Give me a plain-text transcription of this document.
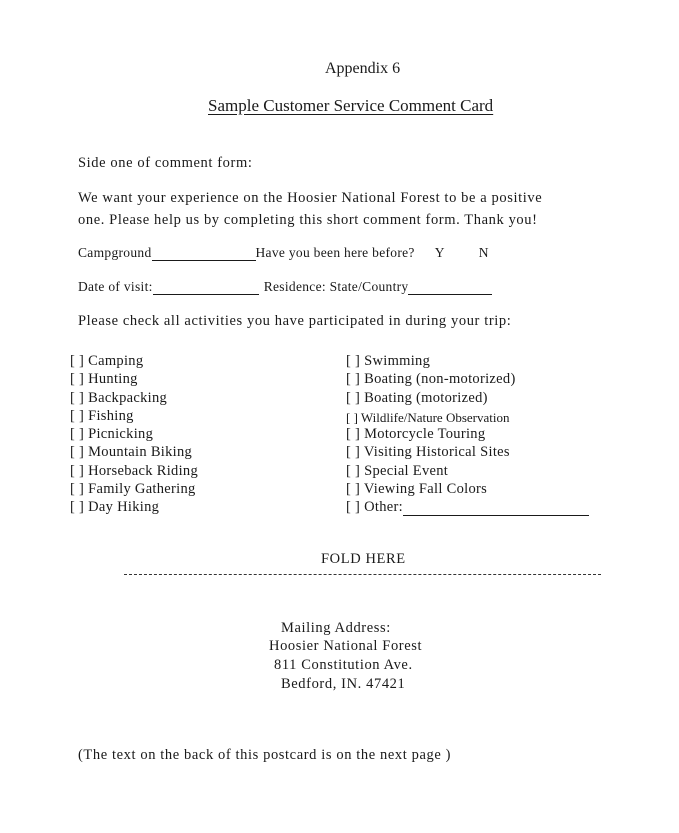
Appendix 6
Sample Customer Service Comment Card
Side one of comment form:
We want your experience on the Hoosier National Forest to be a positive
one. Please help us by completing this short comment form. Thank you!
Campground	Have you been here before? Y	N
Date of visit:	Residence: State/Country
Please check all activities you have participated in during your trip:
[ ] Camping
[ ] Hunting
[ ] Backpacking
[ ] Fishing
[ ] Picnicking
[ ] Mountain Biking
[ ] Horseback Riding
[ ] Family Gathering
[ ] Day Hiking
[ ] Swimming
[ ] Boating (non-motorized)
[ ] Boating (motorized)
[ ] Wildlife/Nature Observation
[ ] Motorcycle Touring
[ ] Visiting Historical Sites
[ ] Special Event
[ ] Viewing Fall Colors
[ ] Other:
FOLD HERE
Mailing Address:
Hoosier National Forest
811 Constitution Ave.
Bedford, IN. 47421
(The text on the back of this postcard is on the next page )
